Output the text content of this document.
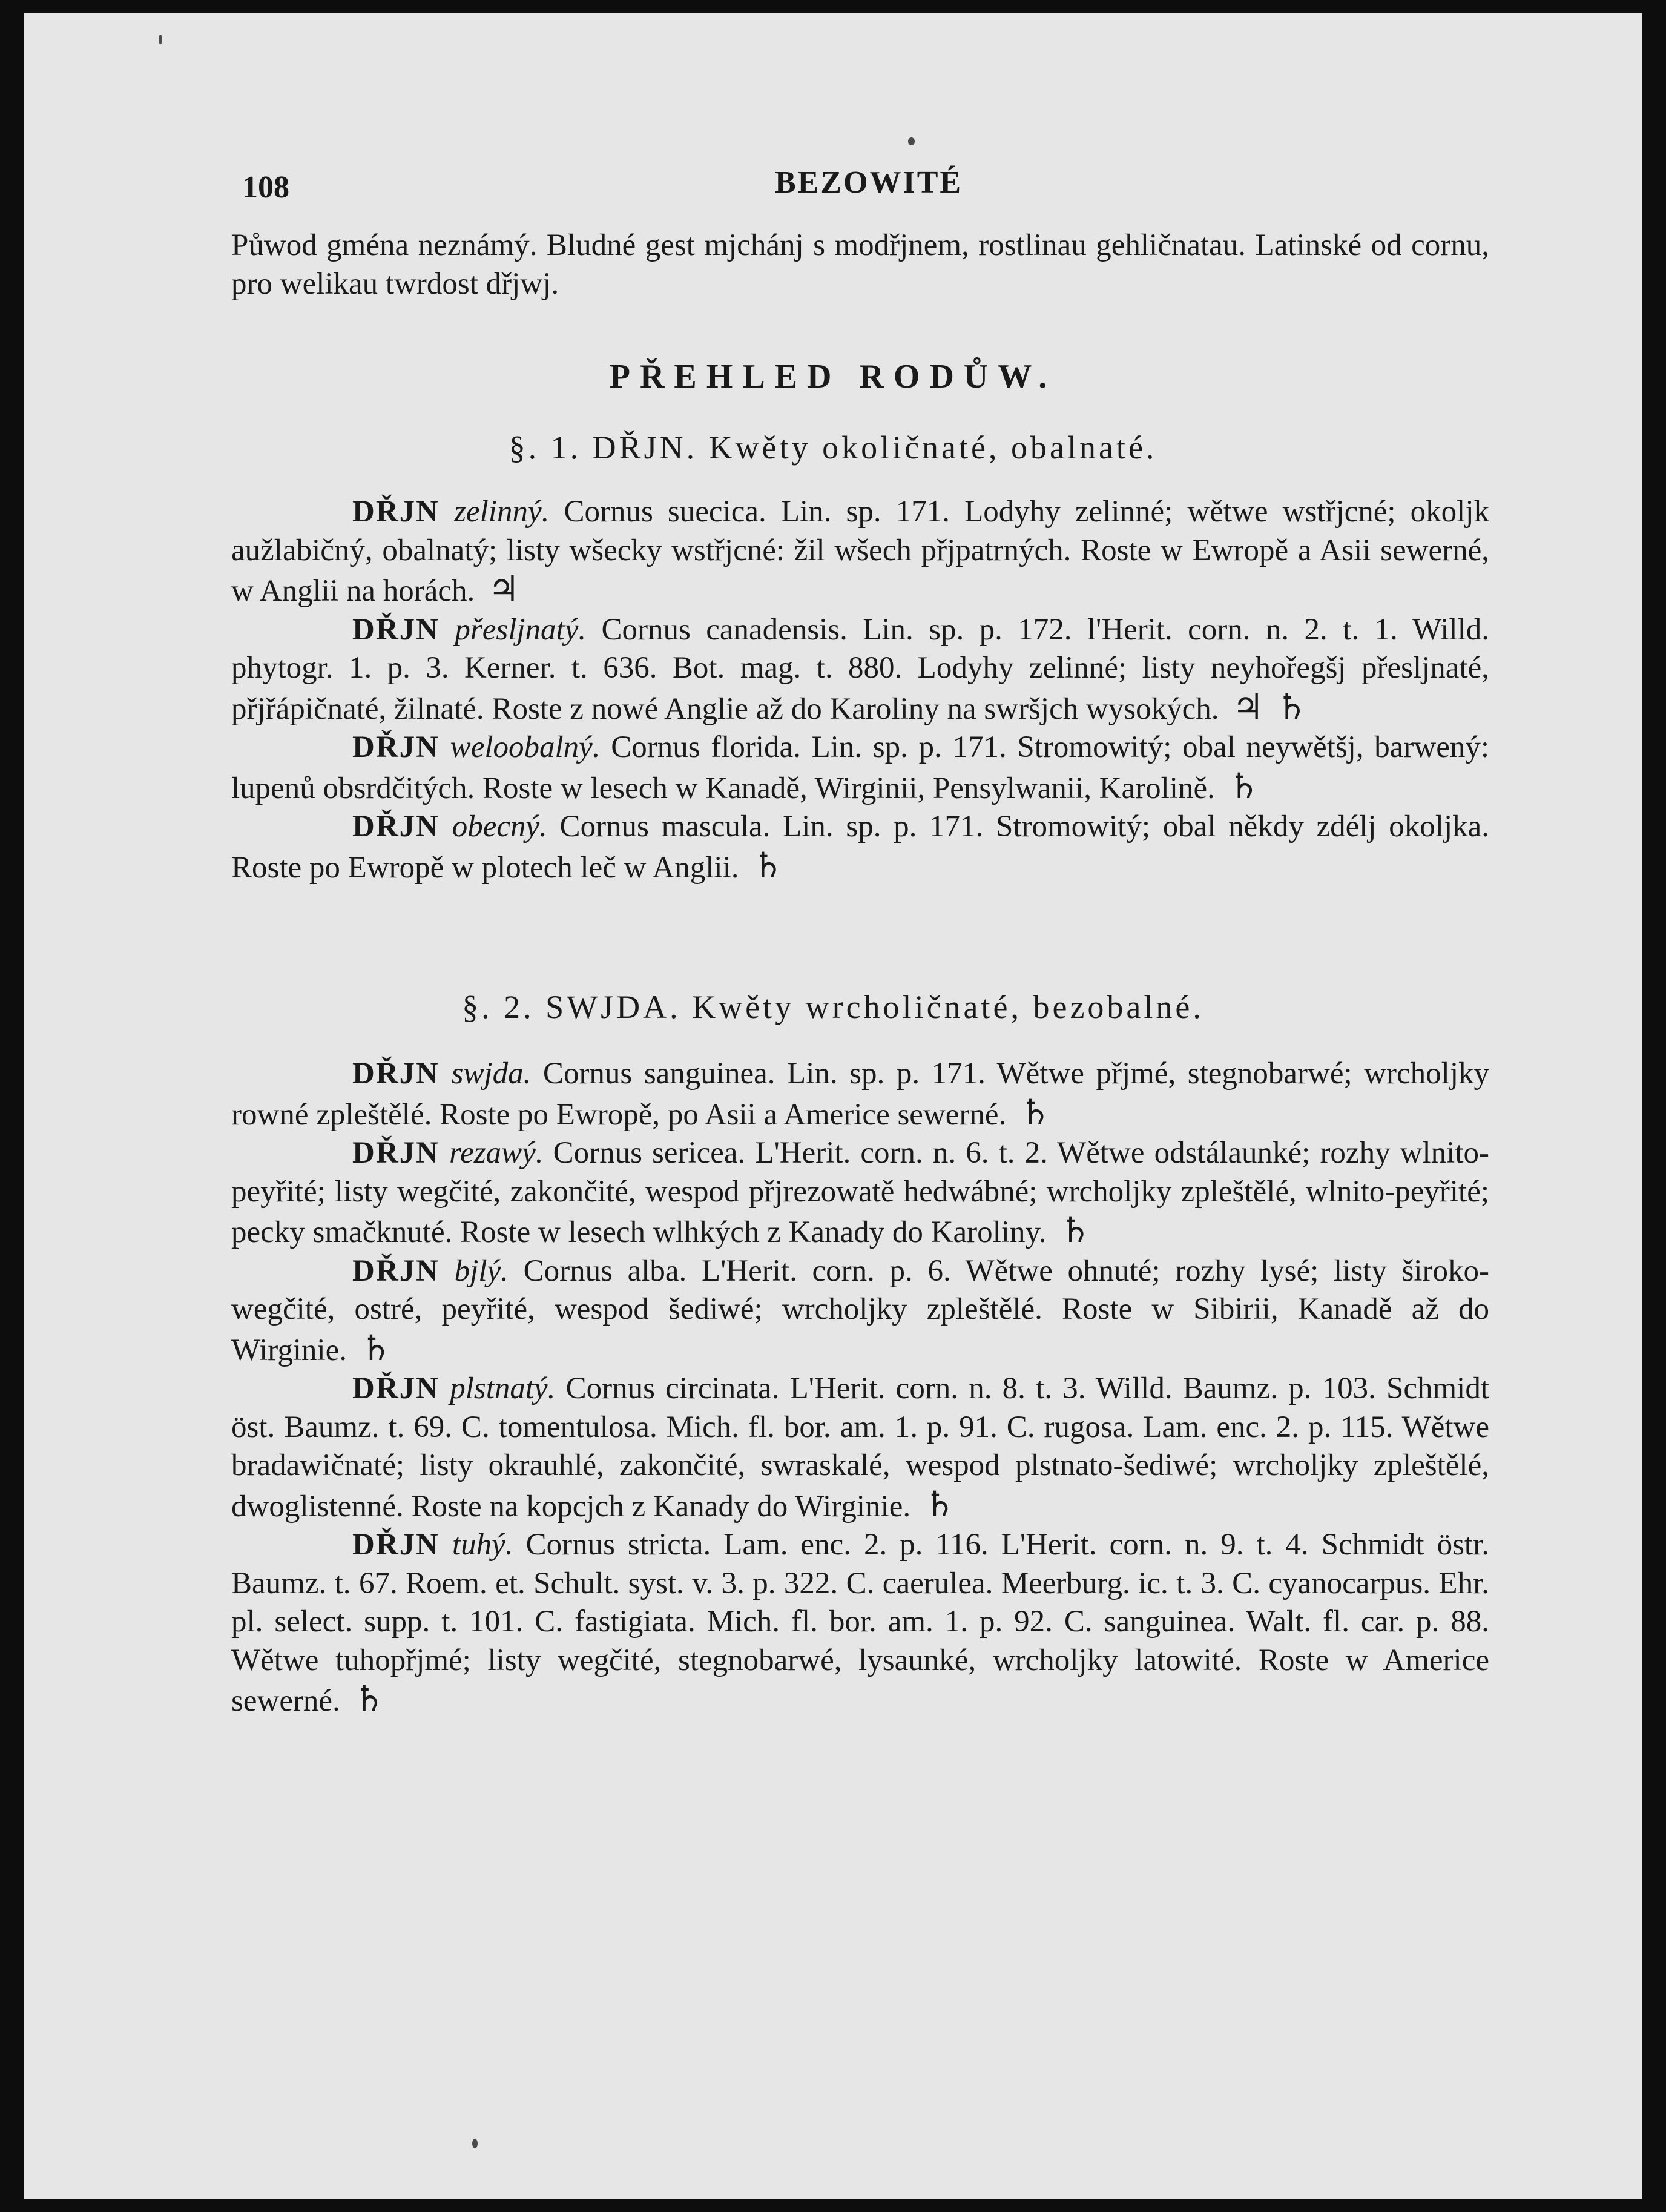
108	BEZOWITÉ
Půwod gména neznámý. Bludné gest mjchánj s modřjnem, rostlinau gehličnatau. Latinské od cornu, pro welikau twrdost dřjwj.
PŘEHLED RODŮW.
§. 1. DŘJN. Kwěty okoličnaté, obalnaté.
DŘJN zelinný. Cornus suecica. Lin. sp. 171. Lodyhy zelinné; wětwe wstřjcné; okoljk aužlabičný, obalnatý; listy wšecky wstřjcné: žil wšech přjpatrných. Roste w Ewropě a Asii sewerné, w Anglii na horách. ♃
DŘJN přesljnatý. Cornus canadensis. Lin. sp. p. 172. l'Herit. corn. n. 2. t. 1. Willd. phytogr. 1. p. 3. Kerner. t. 636. Bot. mag. t. 880. Lodyhy zelinné; listy neyhořegšj přesljnaté, přjřápičnaté, žilnaté. Roste z nowé Anglie až do Karoliny na swršjch wysokých. ♃ ♄
DŘJN weloobalný. Cornus florida. Lin. sp. p. 171. Stromowitý; obal neywětšj, barwený: lupenů obsrdčitých. Roste w lesech w Kanadě, Wirginii, Pensylwanii, Karolině. ♄
DŘJN obecný. Cornus mascula. Lin. sp. p. 171. Stromowitý; obal někdy zdélj okoljka. Roste po Ewropě w plotech leč w Anglii. ♄
§. 2. SWJDA. Kwěty wrcholičnaté, bezobalné.
DŘJN swjda. Cornus sanguinea. Lin. sp. p. 171. Wětwe přjmé, stegnobarwé; wrcholjky rowné zpleštělé. Roste po Ewropě, po Asii a Americe sewerné. ♄
DŘJN rezawý. Cornus sericea. L'Herit. corn. n. 6. t. 2. Wětwe odstálaunké; rozhy wlnito-peyřité; listy wegčité, zakončité, wespod přjrezowatě hedwábné; wrcholjky zpleštělé, wlnito-peyřité; pecky smačknuté. Roste w lesech wlhkých z Kanady do Karoliny. ♄
DŘJN bjlý. Cornus alba. L'Herit. corn. p. 6. Wětwe ohnuté; rozhy lysé; listy široko-wegčité, ostré, peyřité, wespod šediwé; wrcholjky zpleštělé. Roste w Sibirii, Kanadě až do Wirginie. ♄
DŘJN plstnatý. Cornus circinata. L'Herit. corn. n. 8. t. 3. Willd. Baumz. p. 103. Schmidt öst. Baumz. t. 69. C. tomentulosa. Mich. fl. bor. am. 1. p. 91. C. rugosa. Lam. enc. 2. p. 115. Wětwe bradawičnaté; listy okrauhlé, zakončité, swraskalé, wespod plstnato-šediwé; wrcholjky zpleštělé, dwoglistenné. Roste na kopcjch z Kanady do Wirginie. ♄
DŘJN tuhý. Cornus stricta. Lam. enc. 2. p. 116. L'Herit. corn. n. 9. t. 4. Schmidt östr. Baumz. t. 67. Roem. et. Schult. syst. v. 3. p. 322. C. caerulea. Meerburg. ic. t. 3. C. cyanocarpus. Ehr. pl. select. supp. t. 101. C. fastigiata. Mich. fl. bor. am. 1. p. 92. C. sanguinea. Walt. fl. car. p. 88. Wětwe tuhopřjmé; listy wegčité, stegnobarwé, lysaunké, wrcholjky latowité. Roste w Americe sewerné. ♄
